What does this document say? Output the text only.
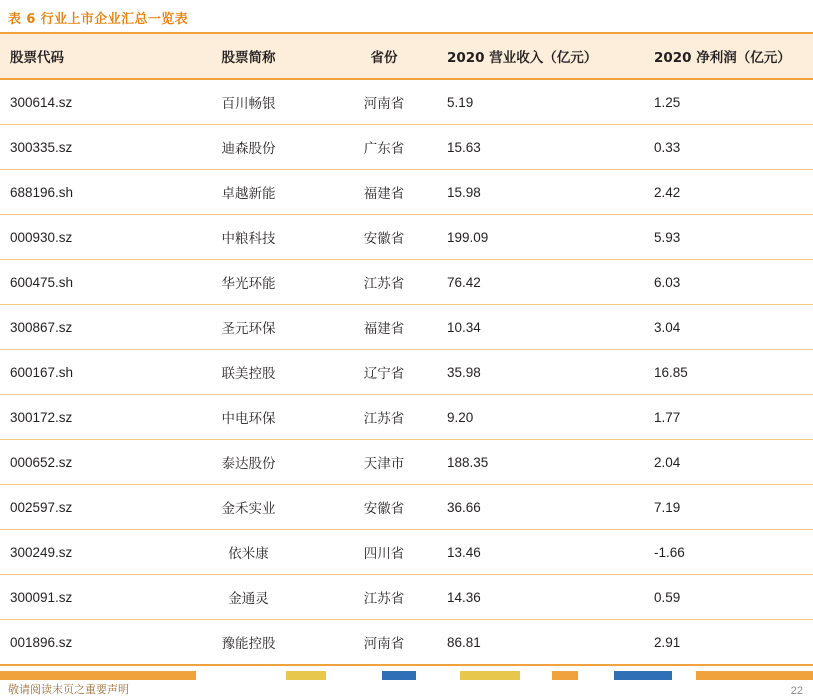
表 6 行业上市企业汇总一览表
股票代码	股票简称	省份	2020 营业收入（亿元）	2020 净利润（亿元）
300614.sz	百川畅银	河南省	5.19	1.25
300335.sz	迪森股份	广东省	15.63	0.33
688196.sh	卓越新能	福建省	15.98	2.42
000930.sz	中粮科技	安徽省	199.09	5.93
600475.sh	华光环能	江苏省	76.42	6.03
300867.sz	圣元环保	福建省	10.34	3.04
600167.sh	联美控股	辽宁省	35.98	16.85
300172.sz	中电环保	江苏省	9.20	1.77
000652.sz	泰达股份	天津市	188.35	2.04
002597.sz	金禾实业	安徽省	36.66	7.19
300249.sz	依米康	四川省	13.46	-1.66
300091.sz	金通灵	江苏省	14.36	0.59
001896.sz	豫能控股	河南省	86.81	2.91
敬请阅读末页之重要声明	22
